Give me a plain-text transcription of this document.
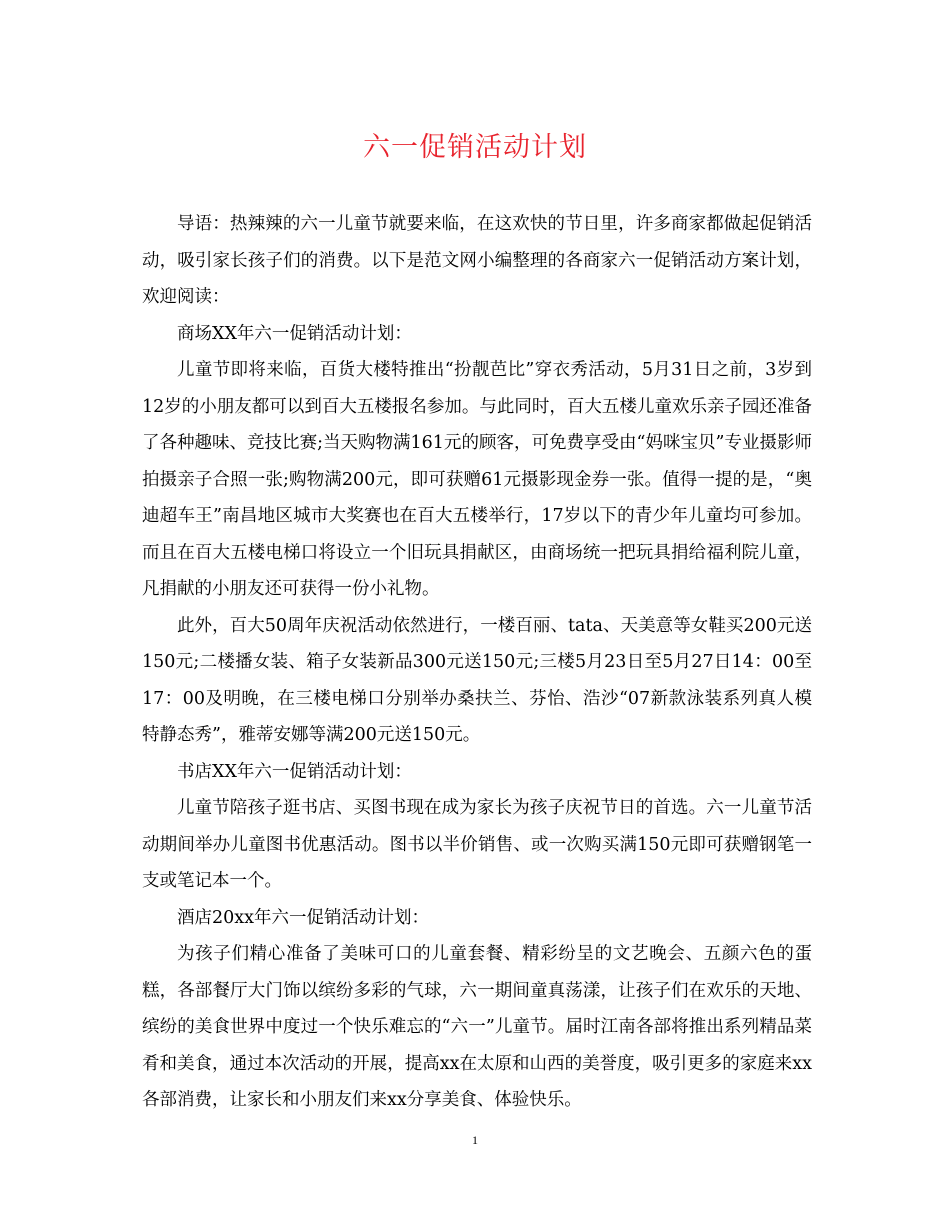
六一促销活动计划

导语：热辣辣的六一儿童节就要来临，在这欢快的节日里，许多商家都做起促销活动，吸引家长孩子们的消费。以下是范文网小编整理的各商家六一促销活动方案计划，欢迎阅读：

商场XX年六一促销活动计划：

儿童节即将来临，百货大楼特推出“扮靓芭比”穿衣秀活动，5月31日之前，3岁到12岁的小朋友都可以到百大五楼报名参加。与此同时，百大五楼儿童欢乐亲子园还准备了各种趣味、竞技比赛;当天购物满161元的顾客，可免费享受由“妈咪宝贝”专业摄影师拍摄亲子合照一张;购物满200元，即可获赠61元摄影现金券一张。值得一提的是，“奥迪超车王”南昌地区城市大奖赛也在百大五楼举行，17岁以下的青少年儿童均可参加。而且在百大五楼电梯口将设立一个旧玩具捐献区，由商场统一把玩具捐给福利院儿童，凡捐献的小朋友还可获得一份小礼物。

此外，百大50周年庆祝活动依然进行，一楼百丽、tata、天美意等女鞋买200元送150元;二楼播女装、箱子女装新品300元送150元;三楼5月23日至5月27日14：00至17：00及明晚，在三楼电梯口分别举办桑扶兰、芬怡、浩沙“07新款泳装系列真人模特静态秀”，雅蒂安娜等满200元送150元。

书店XX年六一促销活动计划：

儿童节陪孩子逛书店、买图书现在成为家长为孩子庆祝节日的首选。六一儿童节活动期间举办儿童图书优惠活动。图书以半价销售、或一次购买满150元即可获赠钢笔一支或笔记本一个。

酒店20xx年六一促销活动计划：

为孩子们精心准备了美味可口的儿童套餐、精彩纷呈的文艺晚会、五颜六色的蛋糕，各部餐厅大门饰以缤纷多彩的气球，六一期间童真荡漾，让孩子们在欢乐的天地、缤纷的美食世界中度过一个快乐难忘的“六一”儿童节。届时江南各部将推出系列精品菜肴和美食，通过本次活动的开展，提高xx在太原和山西的美誉度，吸引更多的家庭来xx各部消费，让家长和小朋友们来xx分享美食、体验快乐。

1
